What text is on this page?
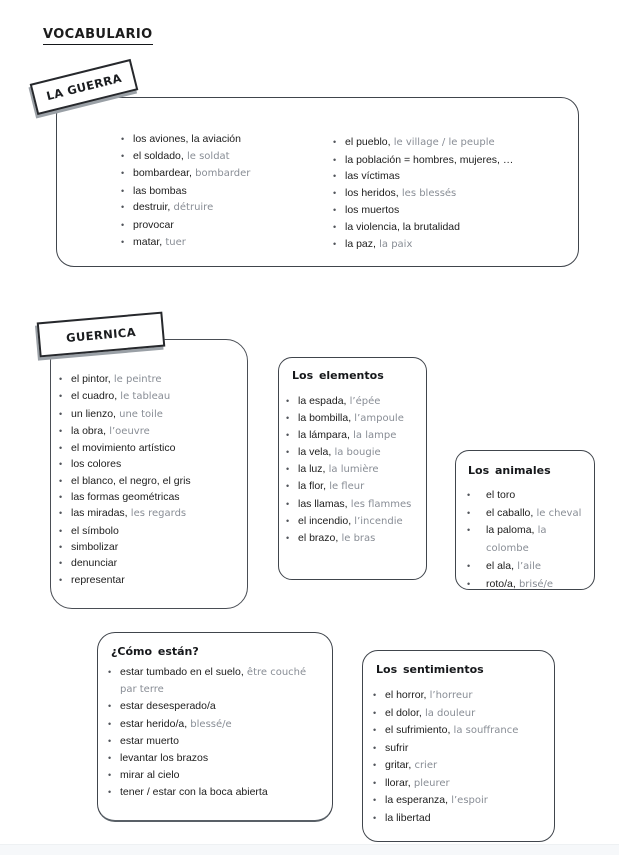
VOCABULARIO
LA GUERRA
• los aviones, la aviación
• el soldado, le soldat
• bombardear, bombarder
• las bombas
• destruir, détruire
• provocar
• matar, tuer
• el pueblo, le village / le peuple
• la población = hombres, mujeres, …
• las víctimas
• los heridos, les blessés
• los muertos
• la violencia, la brutalidad
• la paz, la paix
GUERNICA
• el pintor, le peintre
• el cuadro, le tableau
• un lienzo, une toile
• la obra, l’oeuvre
• el movimiento artístico
• los colores
• el blanco, el negro, el gris
• las formas geométricas
• las miradas, les regards
• el símbolo
• simbolizar
• denunciar
• representar
Los elementos
• la espada, l’épée
• la bombilla, l’ampoule
• la lámpara, la lampe
• la vela, la bougie
• la luz, la lumière
• la flor, le fleur
• las llamas, les flammes
• el incendio, l’incendie
• el brazo, le bras
Los animales
•	el toro
•	el caballo, le cheval
•	la paloma, la colombe
•	el ala, l’aile
•	roto/a, brisé/e
¿Cómo están?
• estar tumbado en el suelo, être couché par terre
• estar desesperado/a
• estar herido/a, blessé/e
• estar muerto
• levantar los brazos
• mirar al cielo
• tener / estar con la boca abierta
Los sentimientos
• el horror, l’horreur
• el dolor, la douleur
• el sufrimiento, la souffrance
• sufrir
• gritar, crier
• llorar, pleurer
• la esperanza, l’espoir
• la libertad
